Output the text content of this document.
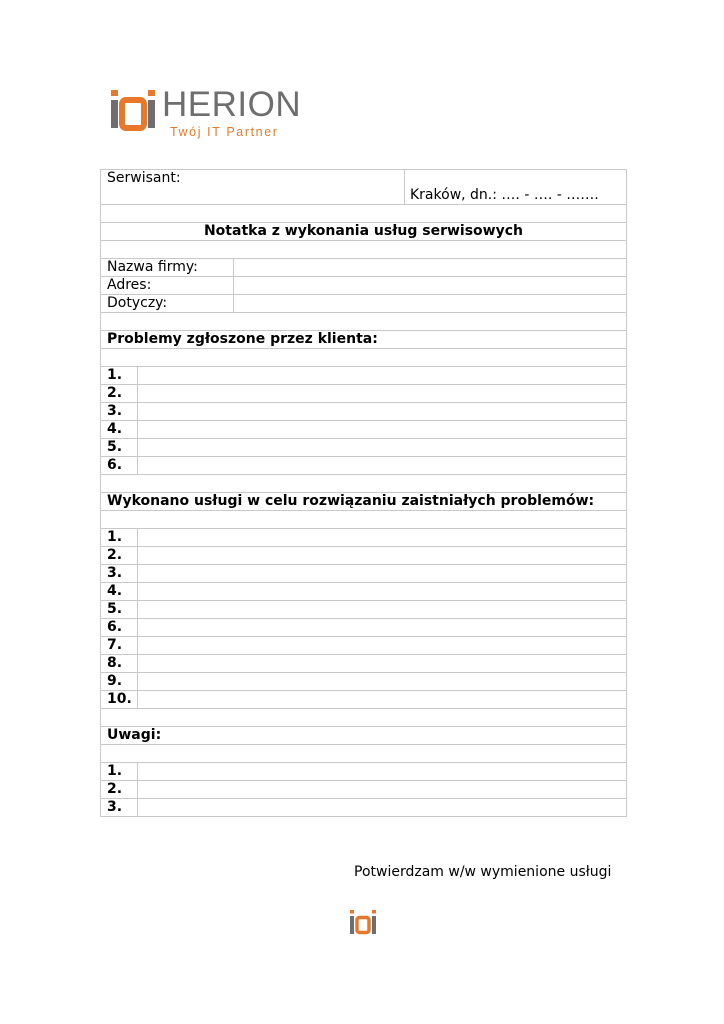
HERION
Twój IT Partner
Serwisant:
Kraków, dn.: …. - …. - …….
Notatka z wykonania usług serwisowych
Nazwa firmy:
Adres:
Dotyczy:
Problemy zgłoszone przez klienta:
1.
2.
3.
4.
5.
6.
Wykonano usługi w celu rozwiązaniu zaistniałych problemów:
1.
2.
3.
4.
5.
6.
7.
8.
9.
10.
Uwagi:
1.
2.
3.
Potwierdzam w/w wymienione usługi
